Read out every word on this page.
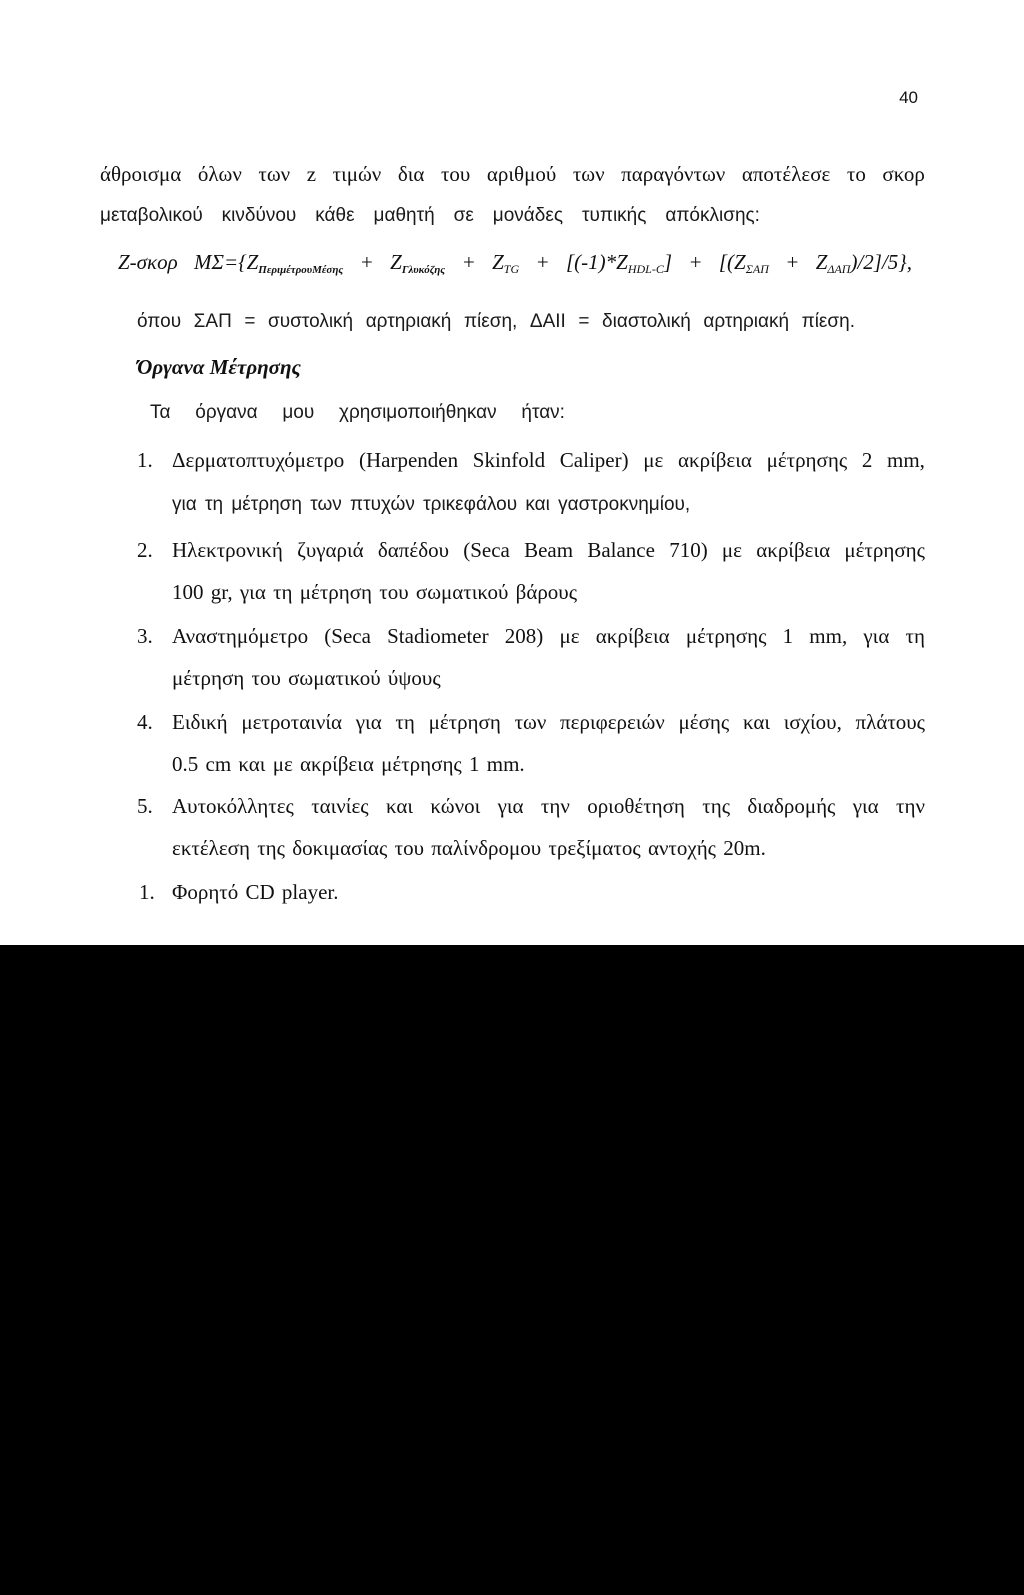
40
άθροισμα όλων των z τιμών δια του αριθμού των παραγόντων αποτέλεσε το σκορ
μεταβολικού κινδύνου κάθε μαθητή σε μονάδες τυπικής απόκλισης:
Z-σκορ $M\Sigma=\{Z_{\Pi\varepsilon\rho\iota\mu έ\tau\rho o\upsilon Mέ\sigma\eta\varsigma} + Z_{\Gamma\lambda\upsilon\kappa ό\zeta\eta\varsigma} + Z_{TG} + [(-1)*Z_{HDL-C}] + [(Z_{\Sigma A\Pi} + Z_{\Delta A\Pi})/2]/5\}$,
όπου ΣΑΠ = συστολική αρτηριακή πίεση, ΔΑΙΙ = διαστολική αρτηριακή πίεση.
Όργανα Μέτρησης
Τα όργανα μου χρησιμοποιήθηκαν ήταν:
1. Δερματοπτυχόμετρο (Harpenden Skinfold Caliper) με ακρίβεια μέτρησης 2 mm,
για τη μέτρηση των πτυχών τρικεφάλου και γαστροκνημίου,
2. Ηλεκτρονική ζυγαριά δαπέδου (Seca Beam Balance 710) με ακρίβεια μέτρησης
100 gr, για τη μέτρηση του σωματικού βάρους
3. Αναστημόμετρο (Seca Stadiometer 208) με ακρίβεια μέτρησης 1 mm, για τη
μέτρηση του σωματικού ύψους
4. Ειδική μετροταινία για τη μέτρηση των περιφερειών μέσης και ισχίου, πλάτους
0.5 cm και με ακρίβεια μέτρησης 1 mm.
5. Αυτοκόλλητες ταινίες και κώνοι για την οριοθέτηση της διαδρομής για την
εκτέλεση της δοκιμασίας του παλίνδρομου τρεξίματος αντοχής 20m.
1. Φορητό CD player.
